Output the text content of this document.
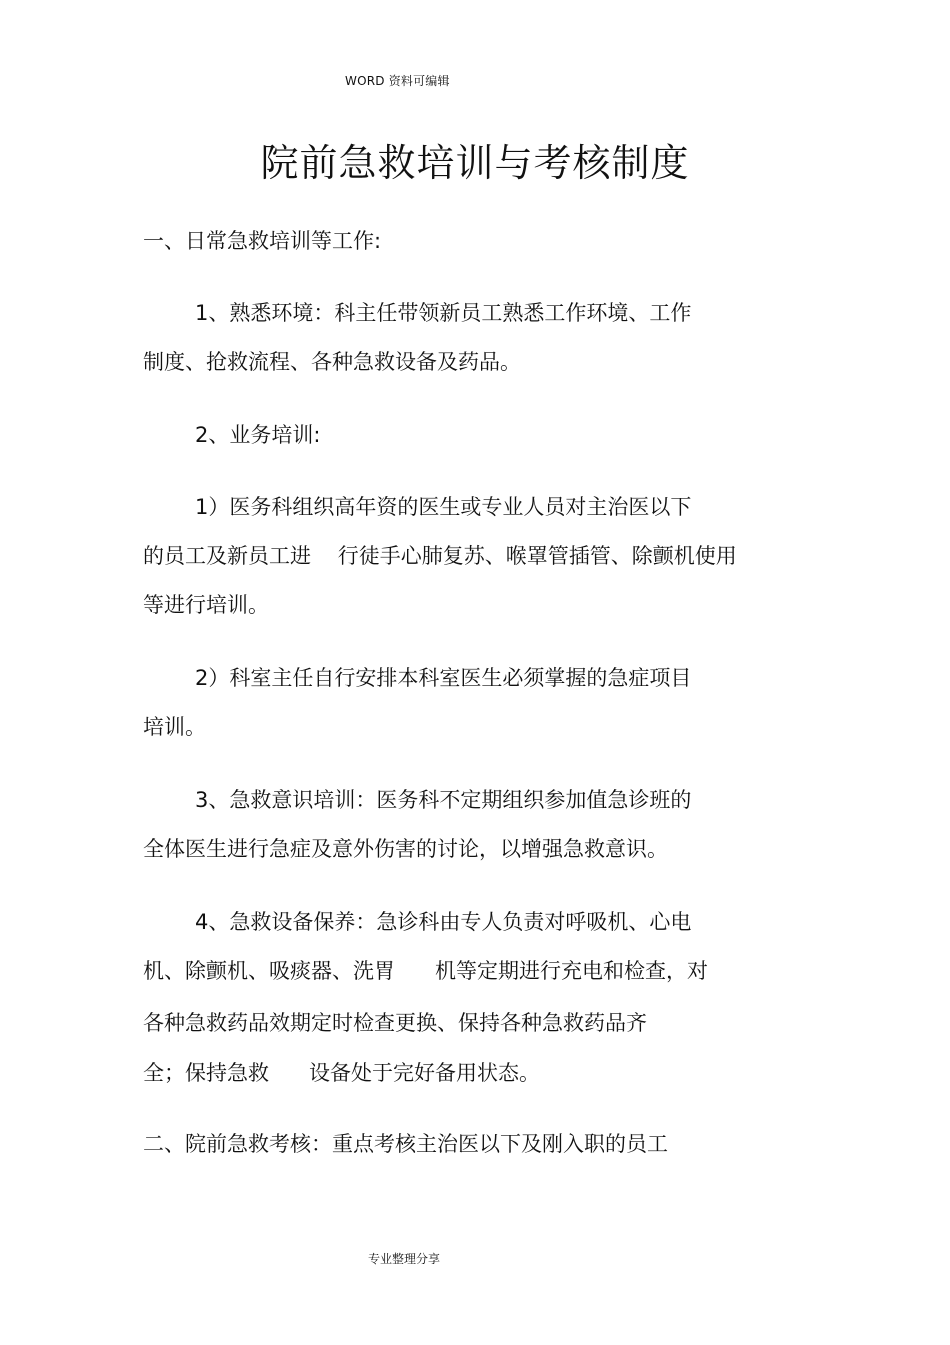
WORD 资料可编辑
院前急救培训与考核制度
一、日常急救培训等工作:
1、熟悉环境：科主任带领新员工熟悉工作环境、工作
制度、抢救流程、各种急救设备及药品。
2、业务培训:
1）医务科组织高年资的医生或专业人员对主治医以下
的员工及新员工进    行徒手心肺复苏、喉罩管插管、除颤机使用
等进行培训。
2）科室主任自行安排本科室医生必须掌握的急症项目
培训。
3、急救意识培训：医务科不定期组织参加值急诊班的
全体医生进行急症及意外伤害的讨论，以增强急救意识。
4、急救设备保养：急诊科由专人负责对呼吸机、心电
机、除颤机、吸痰器、洗胃      机等定期进行充电和检查，对
各种急救药品效期定时检查更换、保持各种急救药品齐
全；保持急救      设备处于完好备用状态。
二、院前急救考核：重点考核主治医以下及刚入职的员工
专业整理分享
